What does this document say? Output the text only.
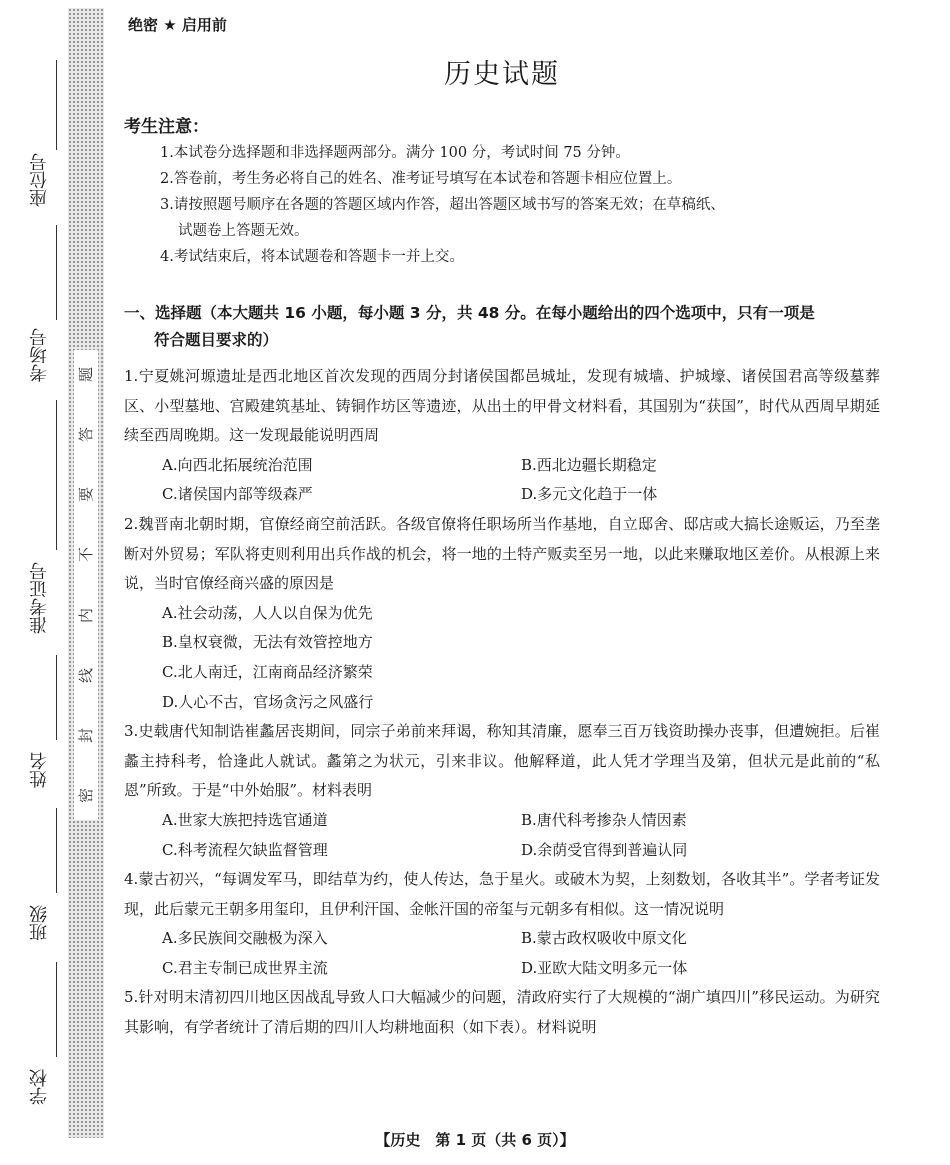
座位号
考场号
准考证号
姓名
班级
学校
题
答
要
不
内
线
封
密
绝密 ★ 启用前
历史试题
考生注意：
1.本试卷分选择题和非选择题两部分。满分 100 分，考试时间 75 分钟。
2.答卷前，考生务必将自己的姓名、准考证号填写在本试卷和答题卡相应位置上。
3.请按照题号顺序在各题的答题区域内作答，超出答题区域书写的答案无效；在草稿纸、
试题卷上答题无效。
4.考试结束后，将本试题卷和答题卡一并上交。
一、选择题（本大题共 16 小题，每小题 3 分，共 48 分。在每小题给出的四个选项中，只有一项是
符合题目要求的）
1.宁夏姚河塬遗址是西北地区首次发现的西周分封诸侯国都邑城址，发现有城墙、护城壕、诸侯国君高等级墓葬区、小型墓地、宫殿建筑基址、铸铜作坊区等遗迹，从出土的甲骨文材料看，其国别为“获国”，时代从西周早期延续至西周晚期。这一发现最能说明西周
A.向西北拓展统治范围	B.西北边疆长期稳定
C.诸侯国内部等级森严	D.多元文化趋于一体
2.魏晋南北朝时期，官僚经商空前活跃。各级官僚将任职场所当作基地，自立邸舍、邸店或大搞长途贩运，乃至垄断对外贸易；军队将吏则利用出兵作战的机会，将一地的土特产贩卖至另一地，以此来赚取地区差价。从根源上来说，当时官僚经商兴盛的原因是
A.社会动荡，人人以自保为优先
B.皇权衰微，无法有效管控地方
C.北人南迁，江南商品经济繁荣
D.人心不古，官场贪污之风盛行
3.史载唐代知制诰崔蠡居丧期间，同宗子弟前来拜谒，称知其清廉，愿奉三百万钱资助操办丧事，但遭婉拒。后崔蠡主持科考，恰逢此人就试。蠡第之为状元，引来非议。他解释道，此人凭才学理当及第，但状元是此前的“私恩”所致。于是“中外始服”。材料表明
A.世家大族把持选官通道	B.唐代科考掺杂人情因素
C.科考流程欠缺监督管理	D.余荫受官得到普遍认同
4.蒙古初兴，“每调发军马，即结草为约，使人传达，急于星火。或破木为契，上刻数划，各收其半”。学者考证发现，此后蒙元王朝多用玺印，且伊利汗国、金帐汗国的帝玺与元朝多有相似。这一情况说明
A.多民族间交融极为深入	B.蒙古政权吸收中原文化
C.君主专制已成世界主流	D.亚欧大陆文明多元一体
5.针对明末清初四川地区因战乱导致人口大幅减少的问题，清政府实行了大规模的“湖广填四川”移民运动。为研究其影响，有学者统计了清后期的四川人均耕地面积（如下表）。材料说明
【历史　第 1 页（共 6 页）】
